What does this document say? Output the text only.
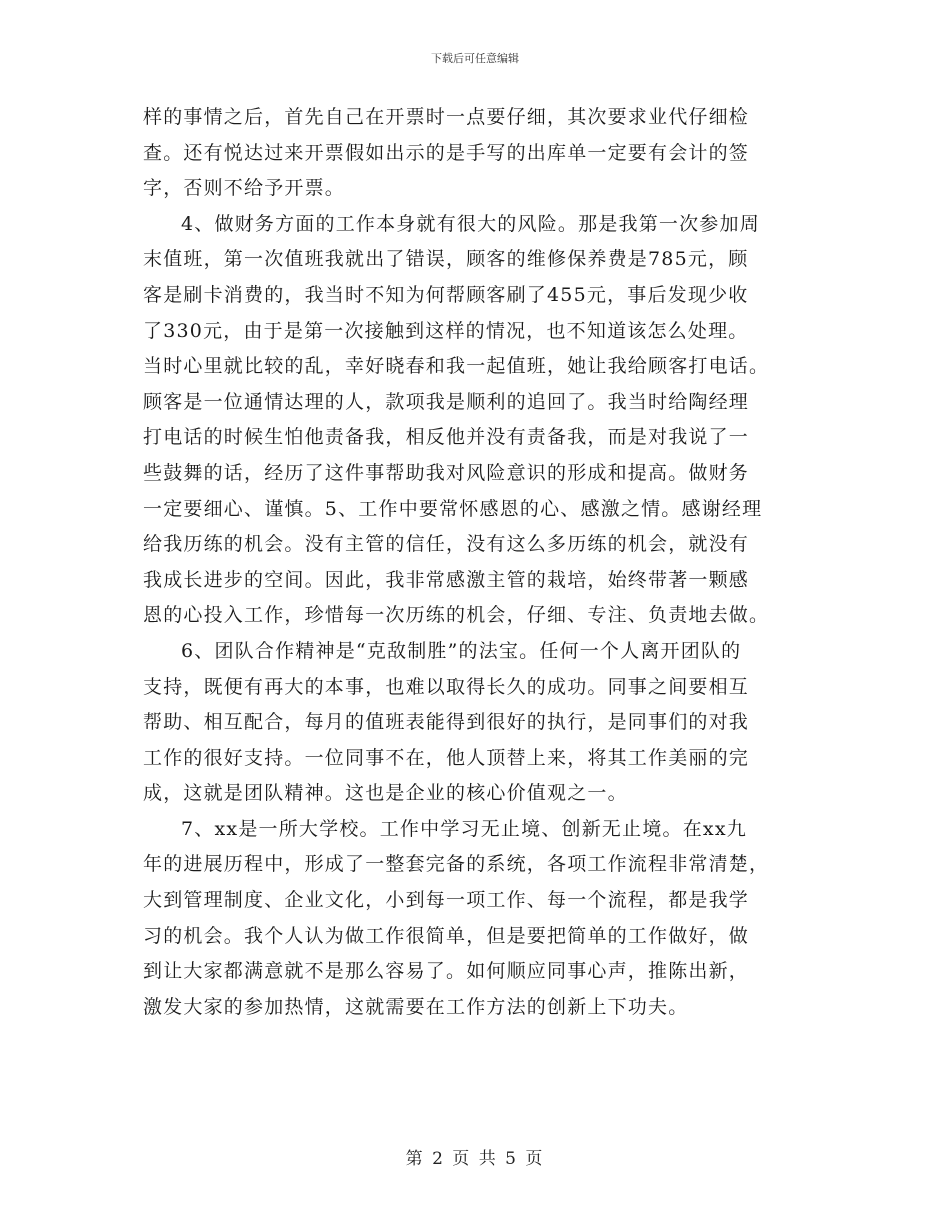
下载后可任意编辑
样的事情之后，首先自己在开票时一点要仔细，其次要求业代仔细检
查。还有悦达过来开票假如出示的是手写的出库单一定要有会计的签
字，否则不给予开票。
4、做财务方面的工作本身就有很大的风险。那是我第一次参加周
末值班，第一次值班我就出了错误，顾客的维修保养费是785元，顾
客是刷卡消费的，我当时不知为何帮顾客刷了455元，事后发现少收
了330元，由于是第一次接触到这样的情况，也不知道该怎么处理。
当时心里就比较的乱，幸好晓春和我一起值班，她让我给顾客打电话。
顾客是一位通情达理的人，款项我是顺利的追回了。我当时给陶经理
打电话的时候生怕他责备我，相反他并没有责备我，而是对我说了一
些鼓舞的话，经历了这件事帮助我对风险意识的形成和提高。做财务
一定要细心、谨慎。5、工作中要常怀感恩的心、感激之情。感谢经理
给我历练的机会。没有主管的信任，没有这么多历练的机会，就没有
我成长进步的空间。因此，我非常感激主管的栽培，始终带著一颗感
恩的心投入工作，珍惜每一次历练的机会，仔细、专注、负责地去做。
6、团队合作精神是“克敌制胜”的法宝。任何一个人离开团队的
支持，既便有再大的本事，也难以取得长久的成功。同事之间要相互
帮助、相互配合，每月的值班表能得到很好的执行，是同事们的对我
工作的很好支持。一位同事不在，他人顶替上来，将其工作美丽的完
成，这就是团队精神。这也是企业的核心价值观之一。
7、xx是一所大学校。工作中学习无止境、创新无止境。在xx九
年的进展历程中，形成了一整套完备的系统，各项工作流程非常清楚，
大到管理制度、企业文化，小到每一项工作、每一个流程，都是我学
习的机会。我个人认为做工作很简单，但是要把简单的工作做好，做
到让大家都满意就不是那么容易了。如何顺应同事心声，推陈出新，
激发大家的参加热情，这就需要在工作方法的创新上下功夫。
第 2 页 共 5 页
